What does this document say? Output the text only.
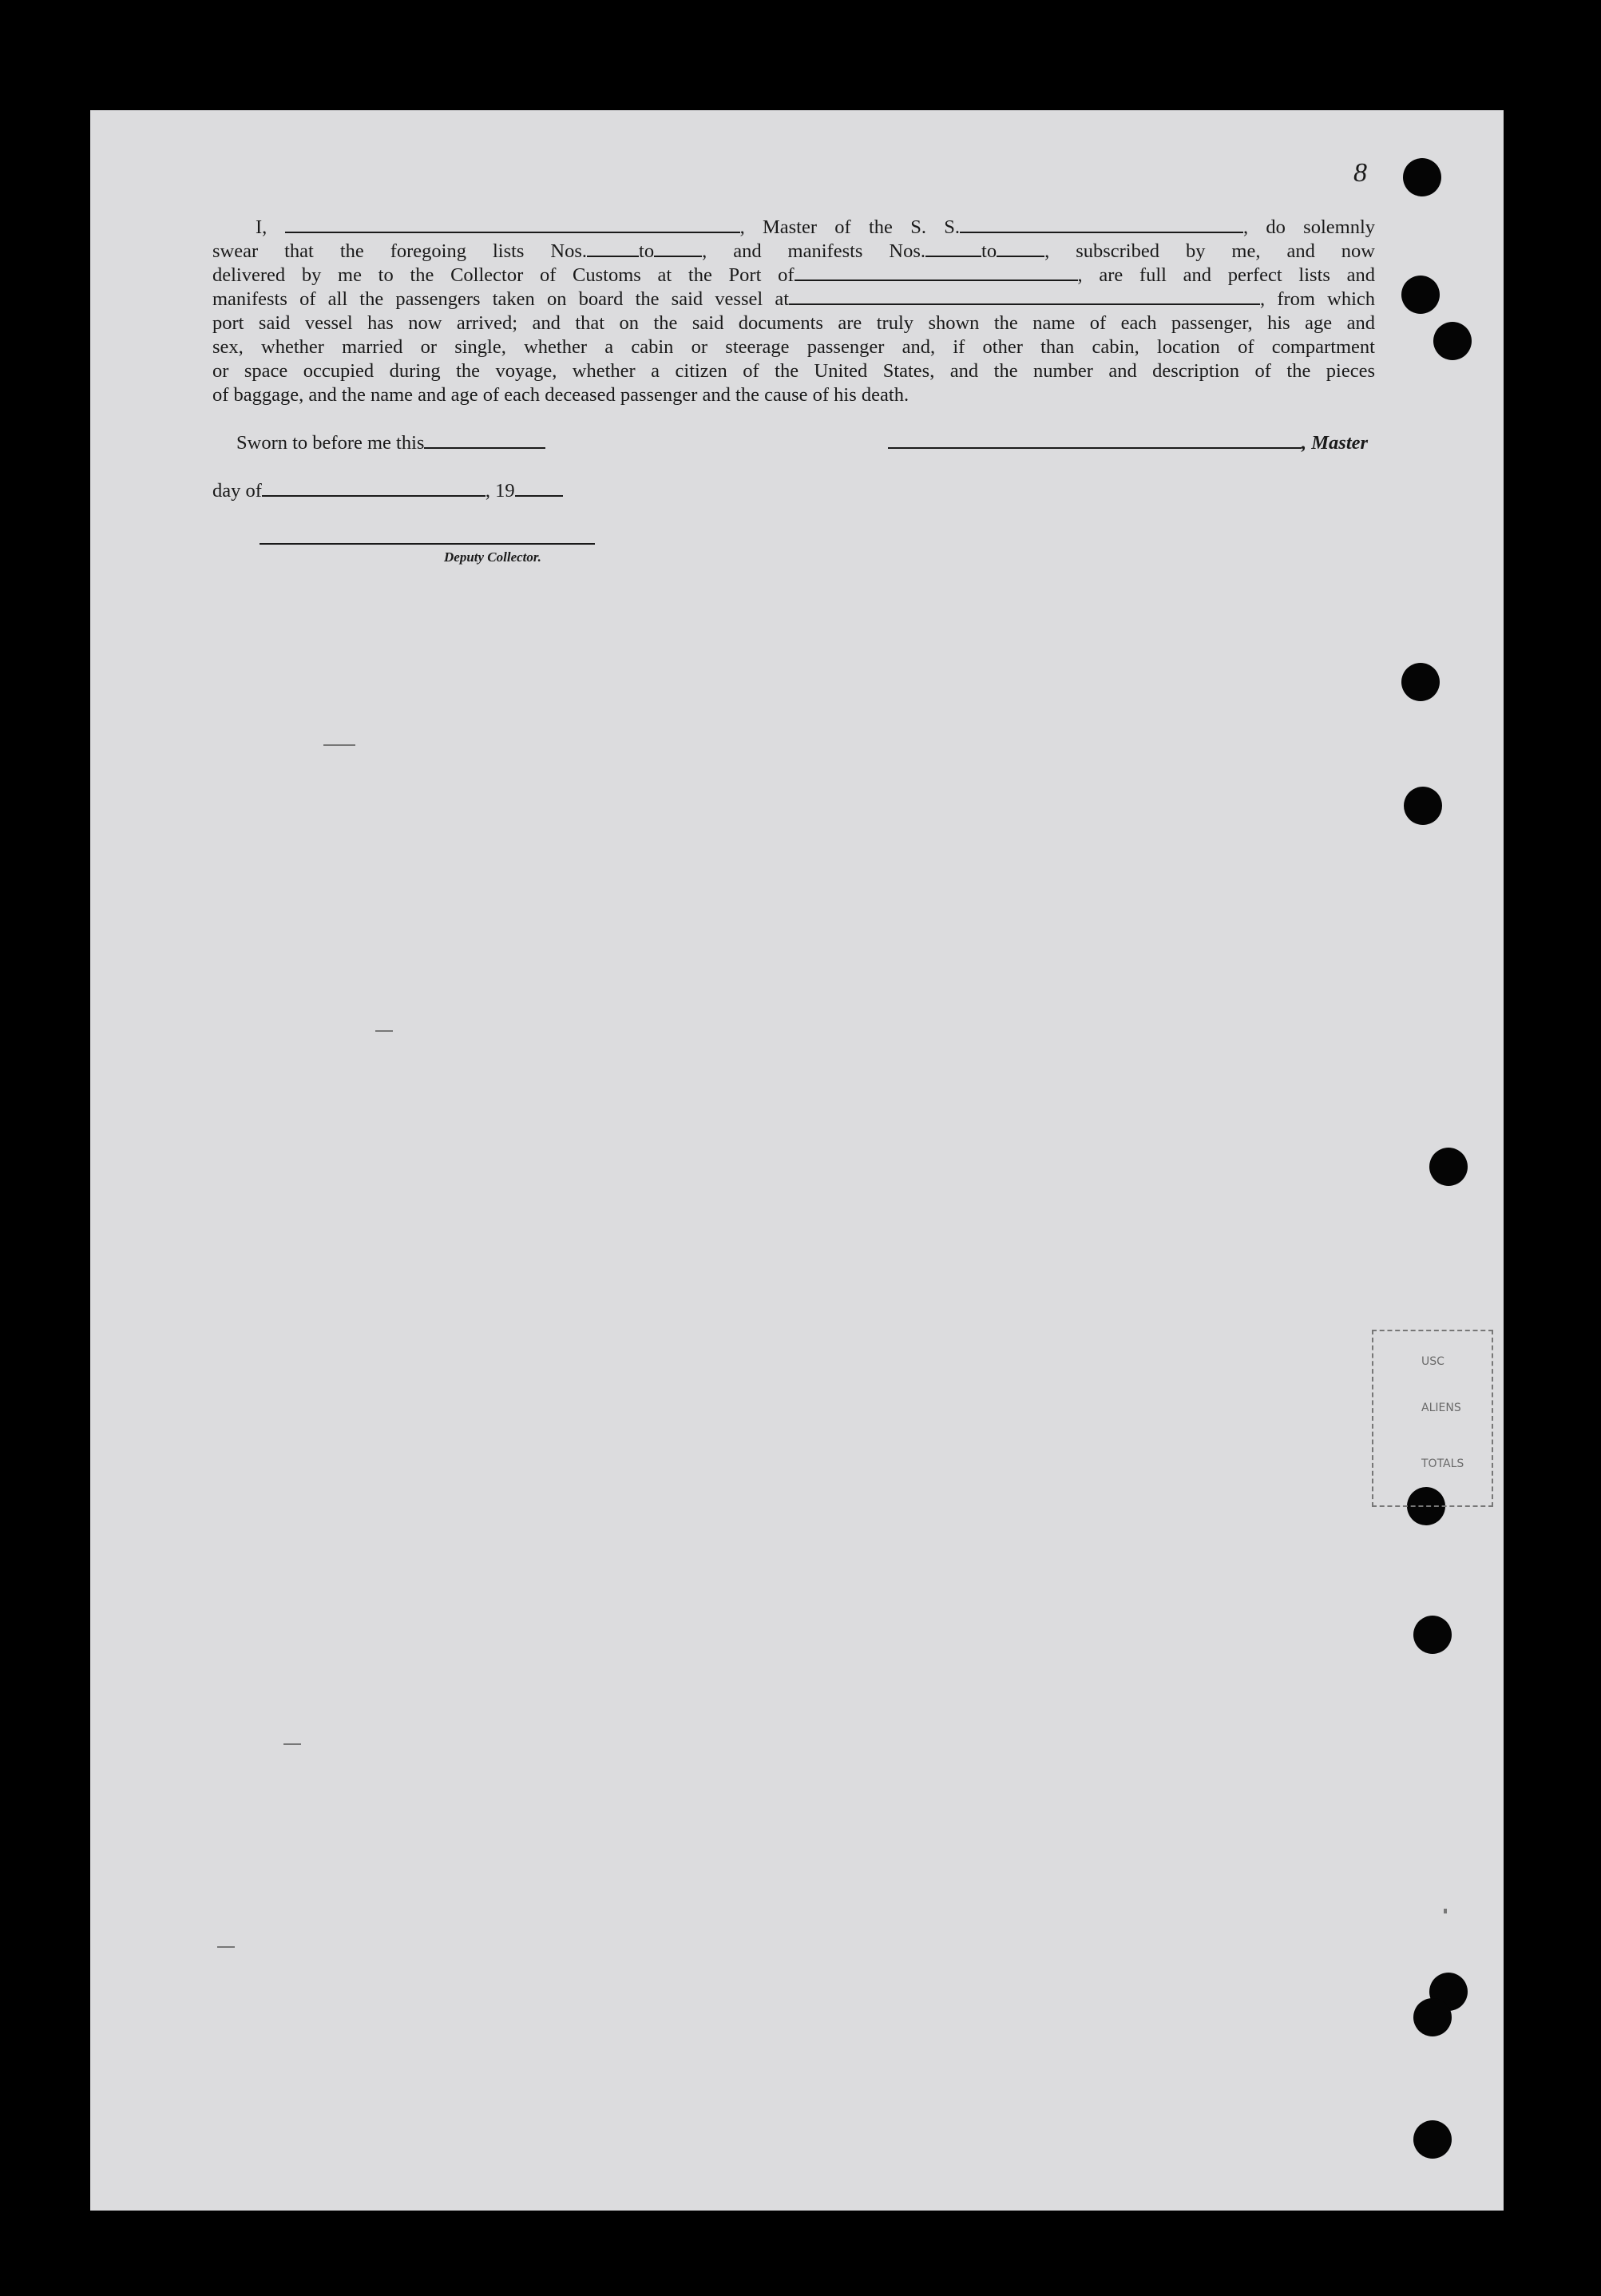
8
I,	, Master of the S. S.	, do solemnly
swear that the foregoing lists Nos.	to , and manifests Nos.	to , subscribed by me, and now
delivered by me to the Collector of Customs at the Port of	, are full and perfect lists and
manifests of all the passengers taken on board the said vessel at	, from which
port said vessel has now arrived; and that on the said documents are truly shown the name of each passenger, his age and
sex, whether married or single, whether a cabin or steerage passenger and, if other than cabin, location of compartment
or space occupied during the voyage, whether a citizen of the United States, and the number and description of the pieces
of baggage, and the name and age of each deceased passenger and the cause of his death.
Sworn to before me this	, Master
day of	, 19
Deputy Collector.
USC
ALIENS
TOTALS
